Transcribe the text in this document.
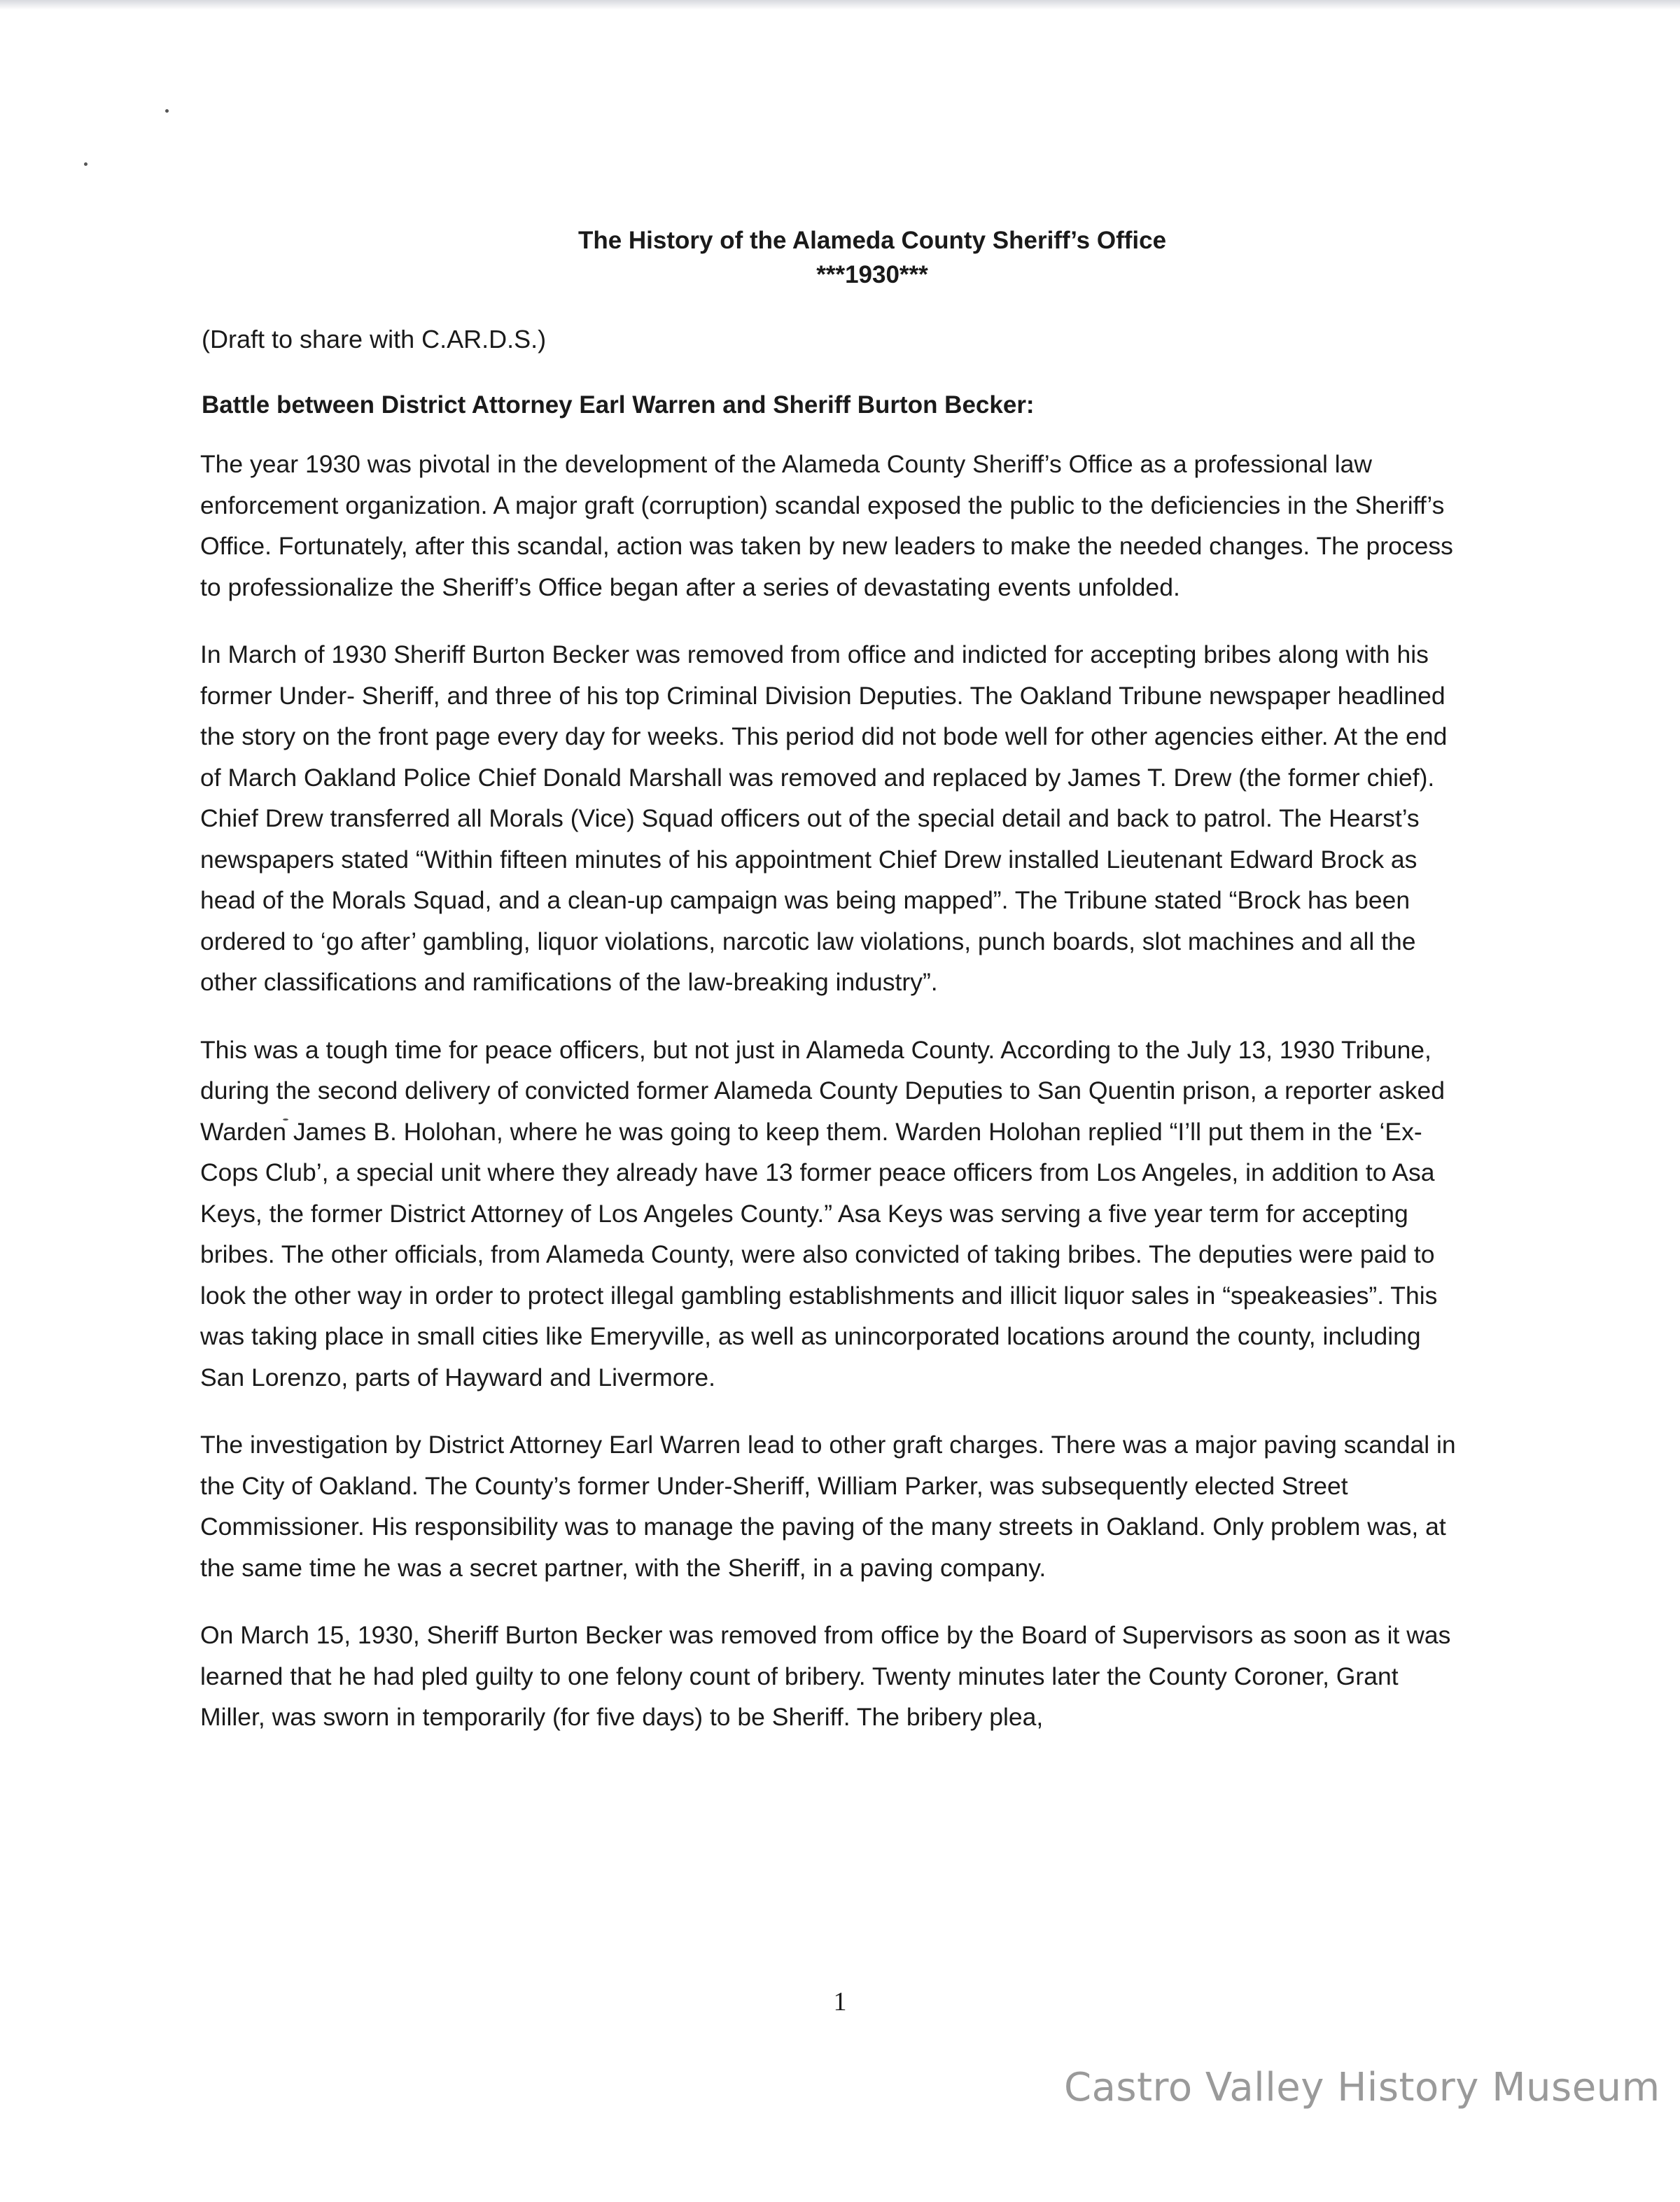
The History of the Alameda County Sheriff’s Office
***1930***
(Draft to share with C.AR.D.S.)
Battle between District Attorney Earl Warren and Sheriff Burton Becker:

The year 1930 was pivotal in the development of the Alameda County Sheriff’s Office as a professional law enforcement organization. A major graft (corruption) scandal exposed the public to the deficiencies in the Sheriff’s Office. Fortunately, after this scandal, action was taken by new leaders to make the needed changes. The process to professionalize the Sheriff’s Office began after a series of devastating events unfolded.

In March of 1930 Sheriff Burton Becker was removed from office and indicted for accepting bribes along with his former Under- Sheriff, and three of his top Criminal Division Deputies. The Oakland Tribune newspaper headlined the story on the front page every day for weeks. This period did not bode well for other agencies either. At the end of March Oakland Police Chief Donald Marshall was removed and replaced by James T. Drew (the former chief). Chief Drew transferred all Morals (Vice) Squad officers out of the special detail and back to patrol. The Hearst’s newspapers stated “Within fifteen minutes of his appointment Chief Drew installed Lieutenant Edward Brock as head of the Morals Squad, and a clean-up campaign was being mapped”. The Tribune stated “Brock has been ordered to ‘go after’ gambling, liquor violations, narcotic law violations, punch boards, slot machines and all the other classifications and ramifications of the law-breaking industry”.

This was a tough time for peace officers, but not just in Alameda County. According to the July 13, 1930 Tribune, during the second delivery of convicted former Alameda County Deputies to San Quentin prison, a reporter asked Warden James B. Holohan, where he was going to keep them. Warden Holohan replied “I’ll put them in the ‘Ex- Cops Club’, a special unit where they already have 13 former peace officers from Los Angeles, in addition to Asa Keys, the former District Attorney of Los Angeles County.” Asa Keys was serving a five year term for accepting bribes. The other officials, from Alameda County, were also convicted of taking bribes. The deputies were paid to look the other way in order to protect illegal gambling establishments and illicit liquor sales in “speakeasies”. This was taking place in small cities like Emeryville, as well as unincorporated locations around the county, including San Lorenzo, parts of Hayward and Livermore.

The investigation by District Attorney Earl Warren lead to other graft charges. There was a major paving scandal in the City of Oakland. The County’s former Under-Sheriff, William Parker, was subsequently elected Street Commissioner. His responsibility was to manage the paving of the many streets in Oakland. Only problem was, at the same time he was a secret partner, with the Sheriff, in a paving company.

On March 15, 1930, Sheriff Burton Becker was removed from office by the Board of Supervisors as soon as it was learned that he had pled guilty to one felony count of bribery. Twenty minutes later the County Coroner, Grant Miller, was sworn in temporarily (for five days) to be Sheriff. The bribery plea,

1
Castro Valley History Museum
